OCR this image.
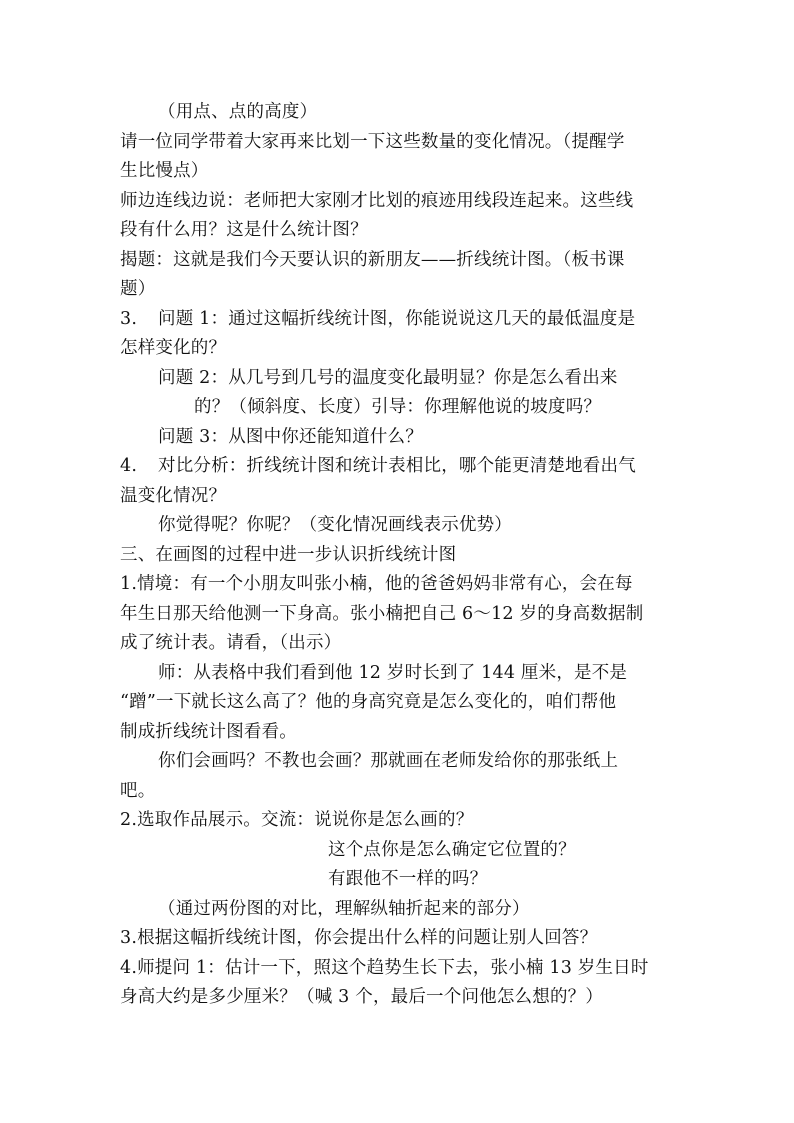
（用点、点的高度）
请一位同学带着大家再来比划一下这些数量的变化情况。（提醒学
生比慢点）
师边连线边说：老师把大家刚才比划的痕迹用线段连起来。这些线
段有什么用？这是什么统计图？
揭题：这就是我们今天要认识的新朋友——折线统计图。（板书课
题）
3. 问题 1：通过这幅折线统计图，你能说说这几天的最低温度是
怎样变化的？
问题 2：从几号到几号的温度变化最明显？你是怎么看出来
的？（倾斜度、长度）引导：你理解他说的坡度吗？
问题 3：从图中你还能知道什么？
4. 对比分析：折线统计图和统计表相比，哪个能更清楚地看出气
温变化情况？
你觉得呢？你呢？（变化情况画线表示优势）
三、在画图的过程中进一步认识折线统计图
1.情境：有一个小朋友叫张小楠，他的爸爸妈妈非常有心，会在每
年生日那天给他测一下身高。张小楠把自己 6～12 岁的身高数据制
成了统计表。请看，（出示）
师：从表格中我们看到他 12 岁时长到了 144 厘米，是不是
“蹭”一下就长这么高了？他的身高究竟是怎么变化的，咱们帮他
制成折线统计图看看。
你们会画吗？不教也会画？那就画在老师发给你的那张纸上
吧。
2.选取作品展示。交流：说说你是怎么画的？
这个点你是怎么确定它位置的？
有跟他不一样的吗？
（通过两份图的对比，理解纵轴折起来的部分）
3.根据这幅折线统计图，你会提出什么样的问题让别人回答？
4.师提问 1：估计一下，照这个趋势生长下去，张小楠 13 岁生日时
身高大约是多少厘米？（喊 3 个，最后一个问他怎么想的？）
